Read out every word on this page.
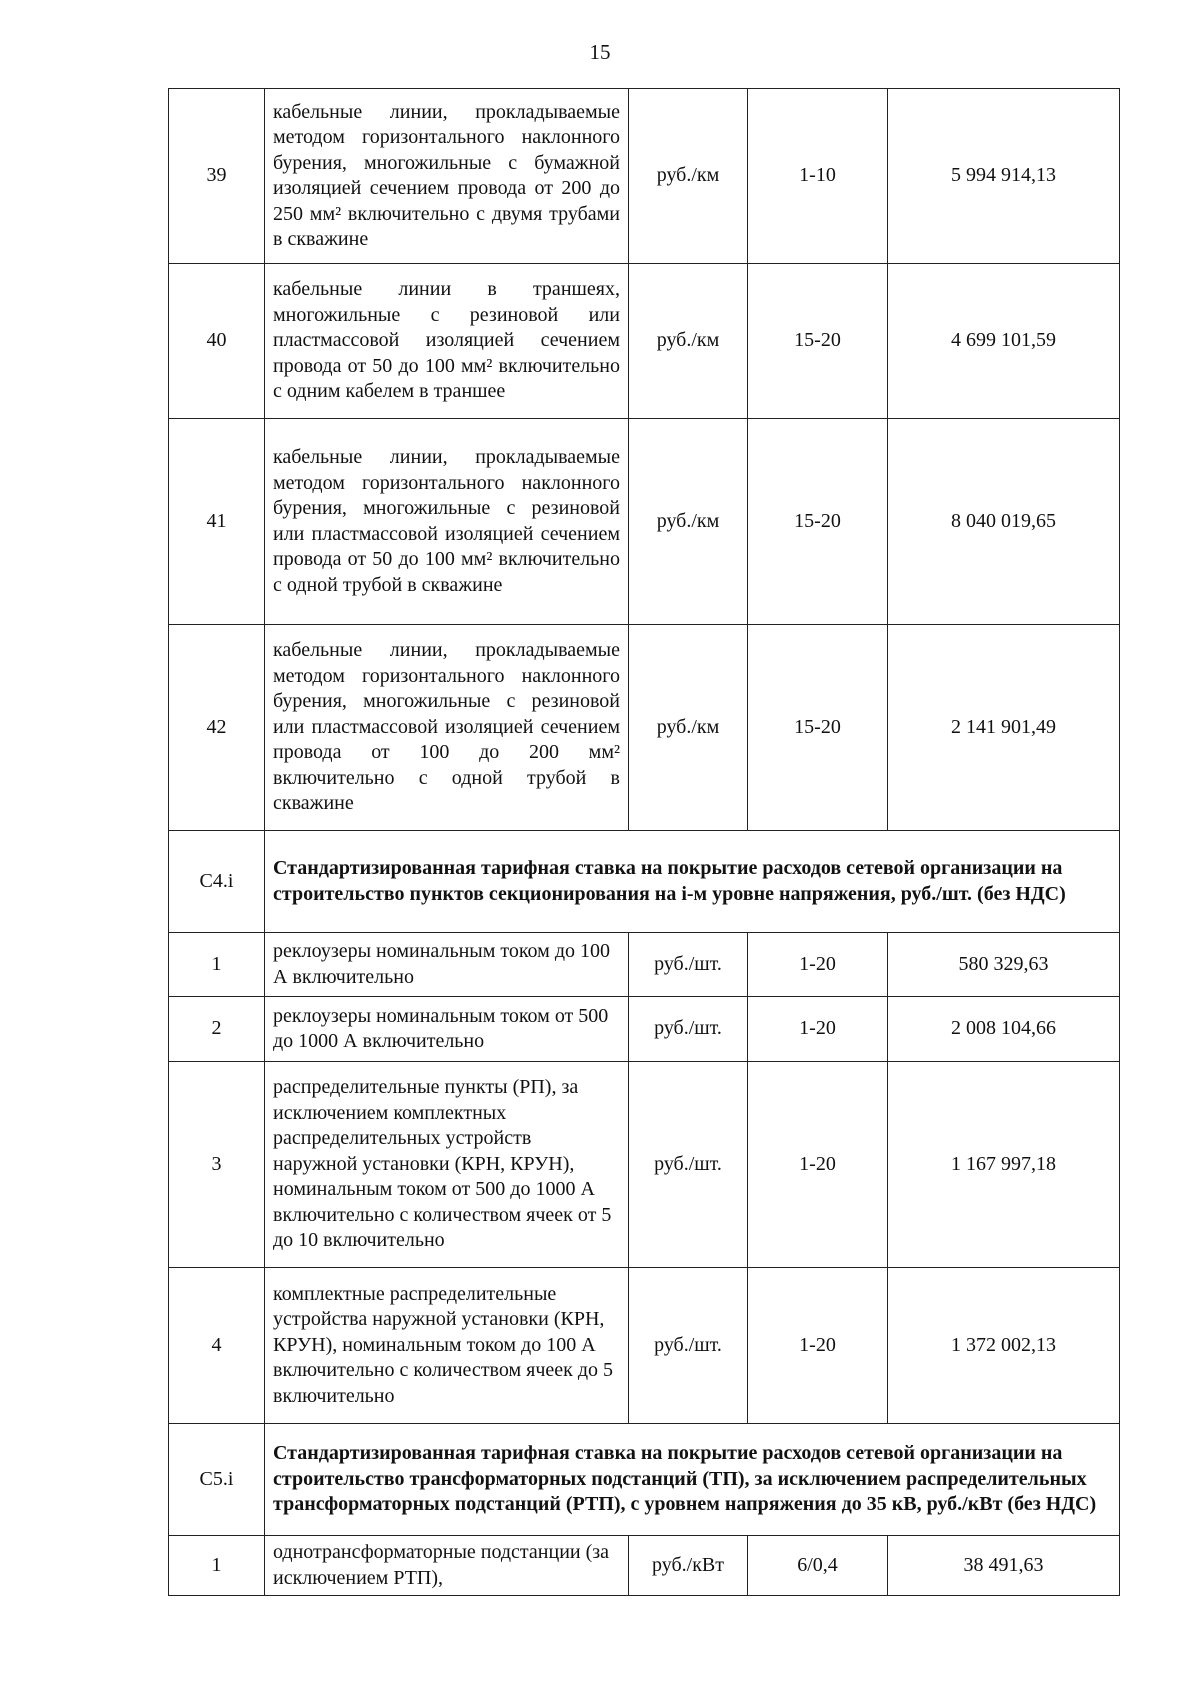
15
39	кабельные линии, прокладываемые методом горизонтального наклонного бурения, многожильные с бумажной изоляцией сечением провода от 200 до 250 мм² включительно с двумя трубами в скважине	руб./км	1-10	5 994 914,13
40	кабельные линии в траншеях, многожильные с резиновой или пластмассовой изоляцией сечением провода от 50 до 100 мм² включительно с одним кабелем в траншее	руб./км	15-20	4 699 101,59
41	кабельные линии, прокладываемые методом горизонтального наклонного бурения, многожильные с резиновой или пластмассовой изоляцией сечением провода от 50 до 100 мм² включительно с одной трубой в скважине	руб./км	15-20	8 040 019,65
42	кабельные линии, прокладываемые методом горизонтального наклонного бурения, многожильные с резиновой или пластмассовой изоляцией сечением провода от 100 до 200 мм² включительно с одной трубой в скважине	руб./км	15-20	2 141 901,49
С4.i	Стандартизированная тарифная ставка на покрытие расходов сетевой организации на строительство пунктов секционирования на i-м уровне напряжения, руб./шт. (без НДС)			
1	реклоузеры номинальным током до 100 А включительно	руб./шт.	1-20	580 329,63
2	реклоузеры номинальным током от 500 до 1000 А включительно	руб./шт.	1-20	2 008 104,66
3	распределительные пункты (РП), за исключением комплектных распределительных устройств наружной установки (КРН, КРУН), номинальным током от 500 до 1000 А включительно с количеством ячеек от 5 до 10 включительно	руб./шт.	1-20	1 167 997,18
4	комплектные распределительные устройства наружной установки (КРН, КРУН), номинальным током до 100 А включительно с количеством ячеек до 5 включительно	руб./шт.	1-20	1 372 002,13
С5.i	Стандартизированная тарифная ставка на покрытие расходов сетевой организации на строительство трансформаторных подстанций (ТП), за исключением распределительных трансформаторных подстанций (РТП), с уровнем напряжения до 35 кВ, руб./кВт (без НДС)			
1	однотрансформаторные подстанции (за исключением РТП),	руб./кВт	6/0,4	38 491,63
